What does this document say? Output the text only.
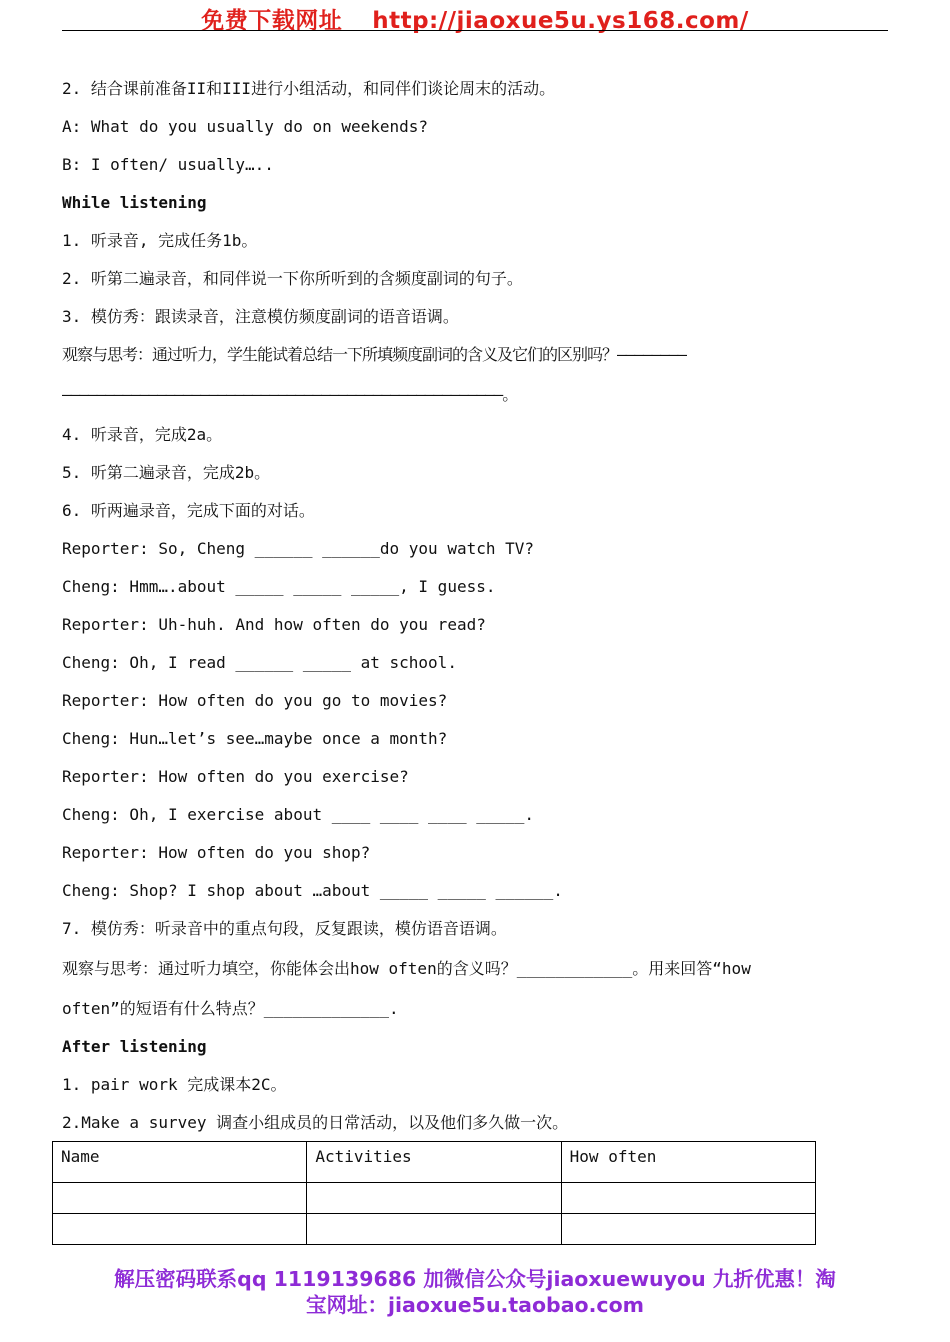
免费下载网址 http://jiaoxue5u.ys168.com/
2. 结合课前准备II和III进行小组活动，和同伴们谈论周末的活动。
A: What do you usually do on weekends?
B: I often/ usually…..
While listening
1. 听录音, 完成任务1b。
2. 听第二遍录音，和同伴说一下你所听到的含频度副词的句子。
3. 模仿秀：跟读录音，注意模仿频度副词的语音语调。
观察与思考：通过听力，学生能试着总结一下所填频度副词的含义及它们的区别吗？————————
———————————————————————————————————————————————————。
4. 听录音，完成2a。
5. 听第二遍录音，完成2b。
6. 听两遍录音，完成下面的对话。
Reporter: So, Cheng ______ ______do you watch TV?
Cheng: Hmm….about _____ _____ _____, I guess.
Reporter: Uh-huh. And how often do you read?
Cheng: Oh, I read ______ _____ at school.
Reporter: How often do you go to movies?
Cheng: Hun…let’s see…maybe once a month?
Reporter: How often do you exercise?
Cheng: Oh, I exercise about ____ ____ ____ _____.
Reporter: How often do you shop?
Cheng: Shop? I shop about …about _____ _____ ______.
7. 模仿秀：听录音中的重点句段，反复跟读，模仿语音语调。
观察与思考：通过听力填空，你能体会出how often的含义吗？____________。用来回答“how
often”的短语有什么特点？_____________.
After listening
1. pair work 完成课本2C。
2.Make a survey 调查小组成员的日常活动，以及他们多久做一次。
Name	Activities	How often

解压密码联系qq 1119139686 加微信公众号jiaoxuewuyou 九折优惠！淘
宝网址：jiaoxue5u.taobao.com
